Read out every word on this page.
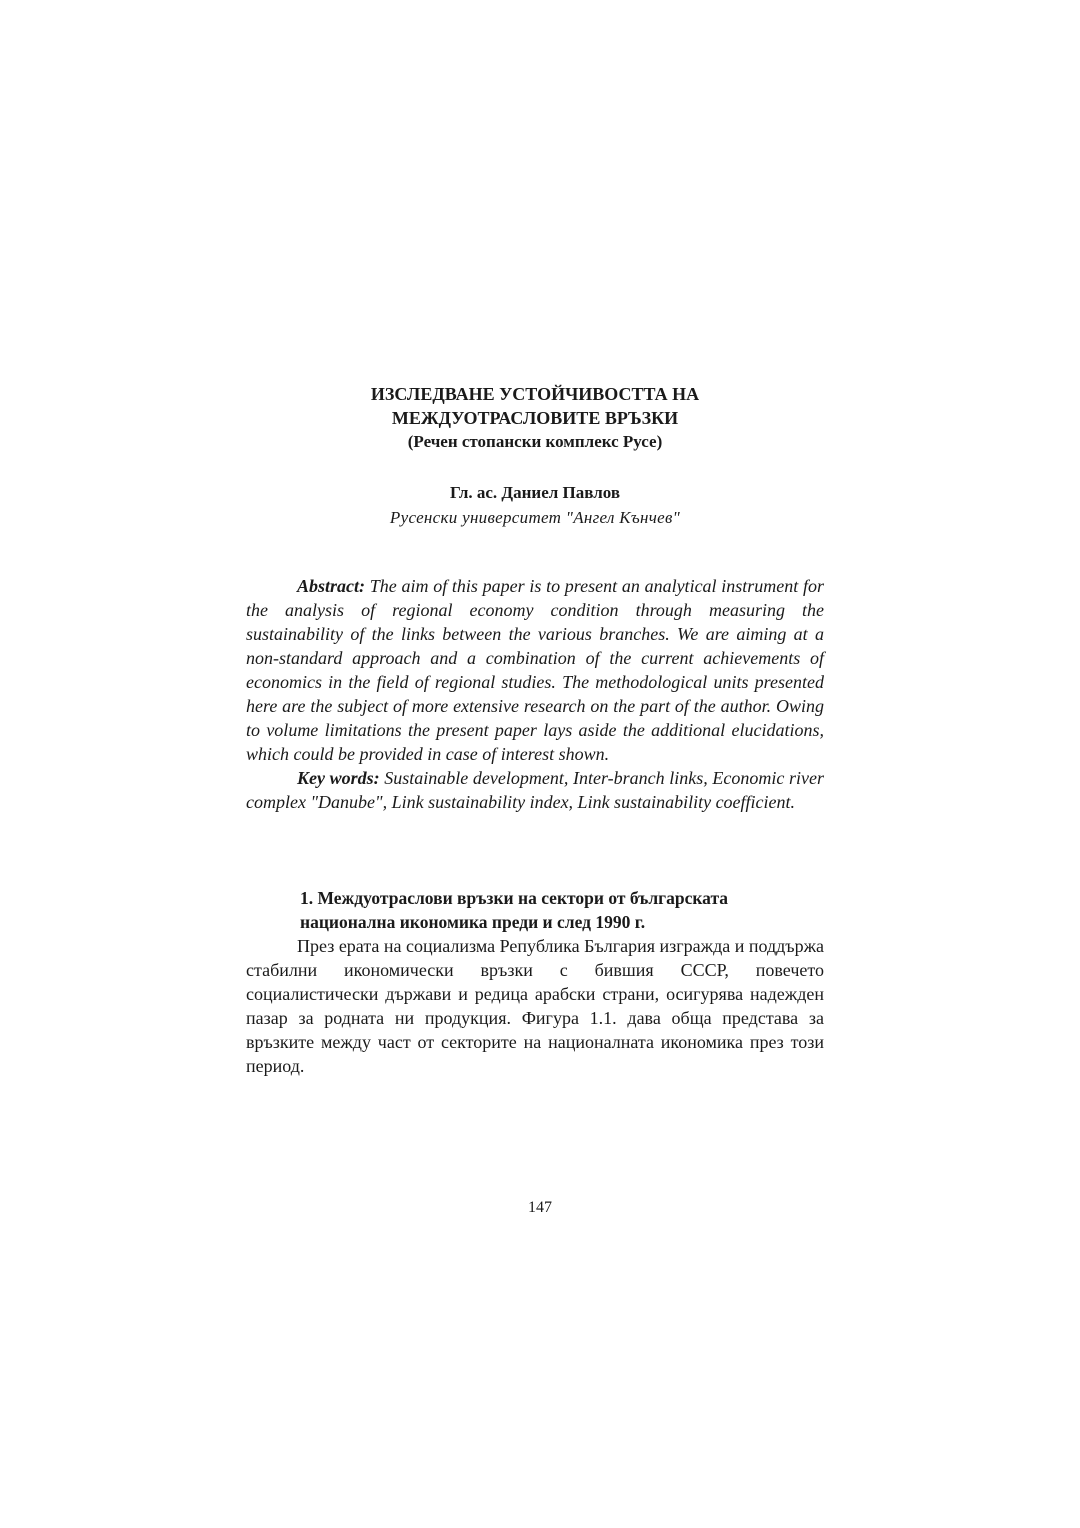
ИЗСЛЕДВАНЕ УСТОЙЧИВОСТТА НА
МЕЖДУОТРАСЛОВИТЕ ВРЪЗКИ
(Речен стопански комплекс Русе)
Гл. ас. Даниел Павлов
Русенски университет "Ангел Кънчев"

Abstract: The aim of this paper is to present an analytical instrument for the analysis of regional economy condition through measuring the sustainability of the links between the various branches. We are aiming at a non-standard approach and a combination of the current achievements of economics in the field of regional studies. The methodological units presented here are the subject of more extensive research on the part of the author. Owing to volume limitations the present paper lays aside the additional elucidations, which could be provided in case of interest shown.

Key words: Sustainable development, Inter-branch links, Economic river complex "Danube", Link sustainability index, Link sustainability coefficient.

1. Междуотраслови връзки на сектори от българската
национална икономика преди и след 1990 г.

През ерата на социализма Република България изгражда и поддържа стабилни икономически връзки с бившия СССР, повечето социалистически държави и редица арабски страни, осигурява надежден пазар за родната ни продукция. Фигура 1.1. дава обща представа за връзките между част от секторите на националната икономика през този период.

147
